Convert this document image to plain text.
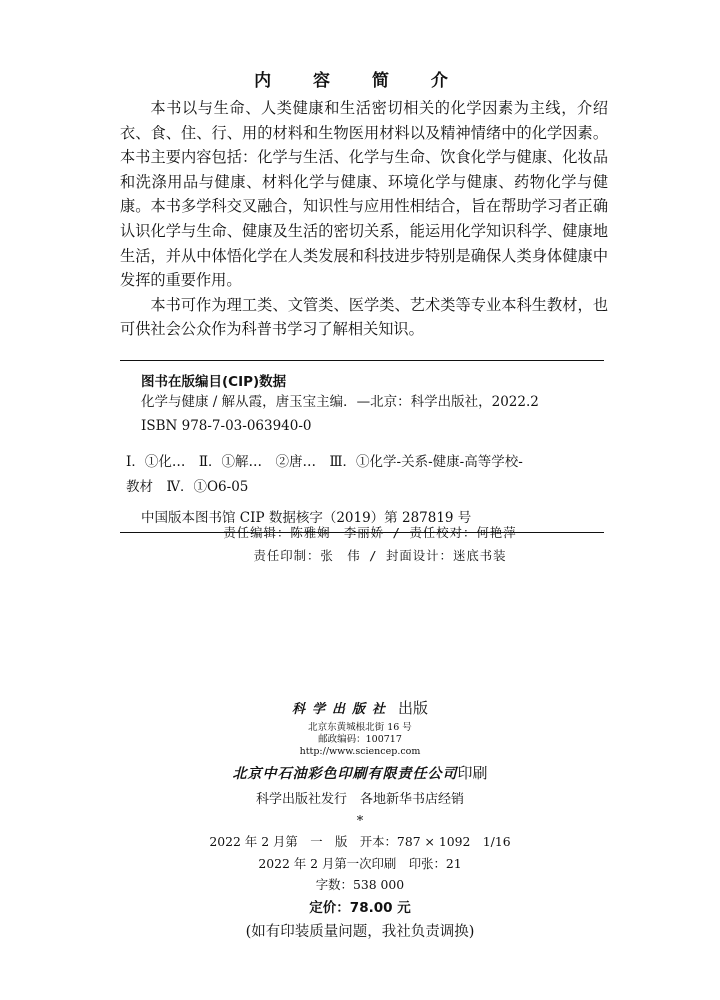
内 容 简 介

本书以与生命、人类健康和生活密切相关的化学因素为主线，介绍衣、食、住、行、用的材料和生物医用材料以及精神情绪中的化学因素。本书主要内容包括：化学与生活、化学与生命、饮食化学与健康、化妆品和洗涤用品与健康、材料化学与健康、环境化学与健康、药物化学与健康。本书多学科交叉融合，知识性与应用性相结合，旨在帮助学习者正确认识化学与生命、健康及生活的密切关系，能运用化学知识科学、健康地生活，并从中体悟化学在人类发展和科技进步特别是确保人类身体健康中发挥的重要作用。

本书可作为理工类、文管类、医学类、艺术类等专业本科生教材，也可供社会公众作为科普书学习了解相关知识。

图书在版编目(CIP)数据
化学与健康 / 解从霞，唐玉宝主编．—北京：科学出版社，2022.2
ISBN 978-7-03-063940-0
Ⅰ．①化…　Ⅱ．①解…　②唐…　Ⅲ．①化学-关系-健康-高等学校-
教材　Ⅳ．①O6-05
中国版本图书馆 CIP 数据核字（2019）第 287819 号
责任编辑：陈雅娴　李丽娇 / 责任校对：何艳萍
责任印制：张　伟 / 封面设计：迷底书装
科学出版社 出版
北京东黄城根北街 16 号
邮政编码：100717
http://www.sciencep.com
北京中石油彩色印刷有限责任公司印刷
科学出版社发行　各地新华书店经销
*
2022 年 2 月第　一　版　开本：787 × 1092　1/16
2022 年 2 月第一次印刷　印张：21
字数：538 000
定价：78.00 元
(如有印装质量问题，我社负责调换)
